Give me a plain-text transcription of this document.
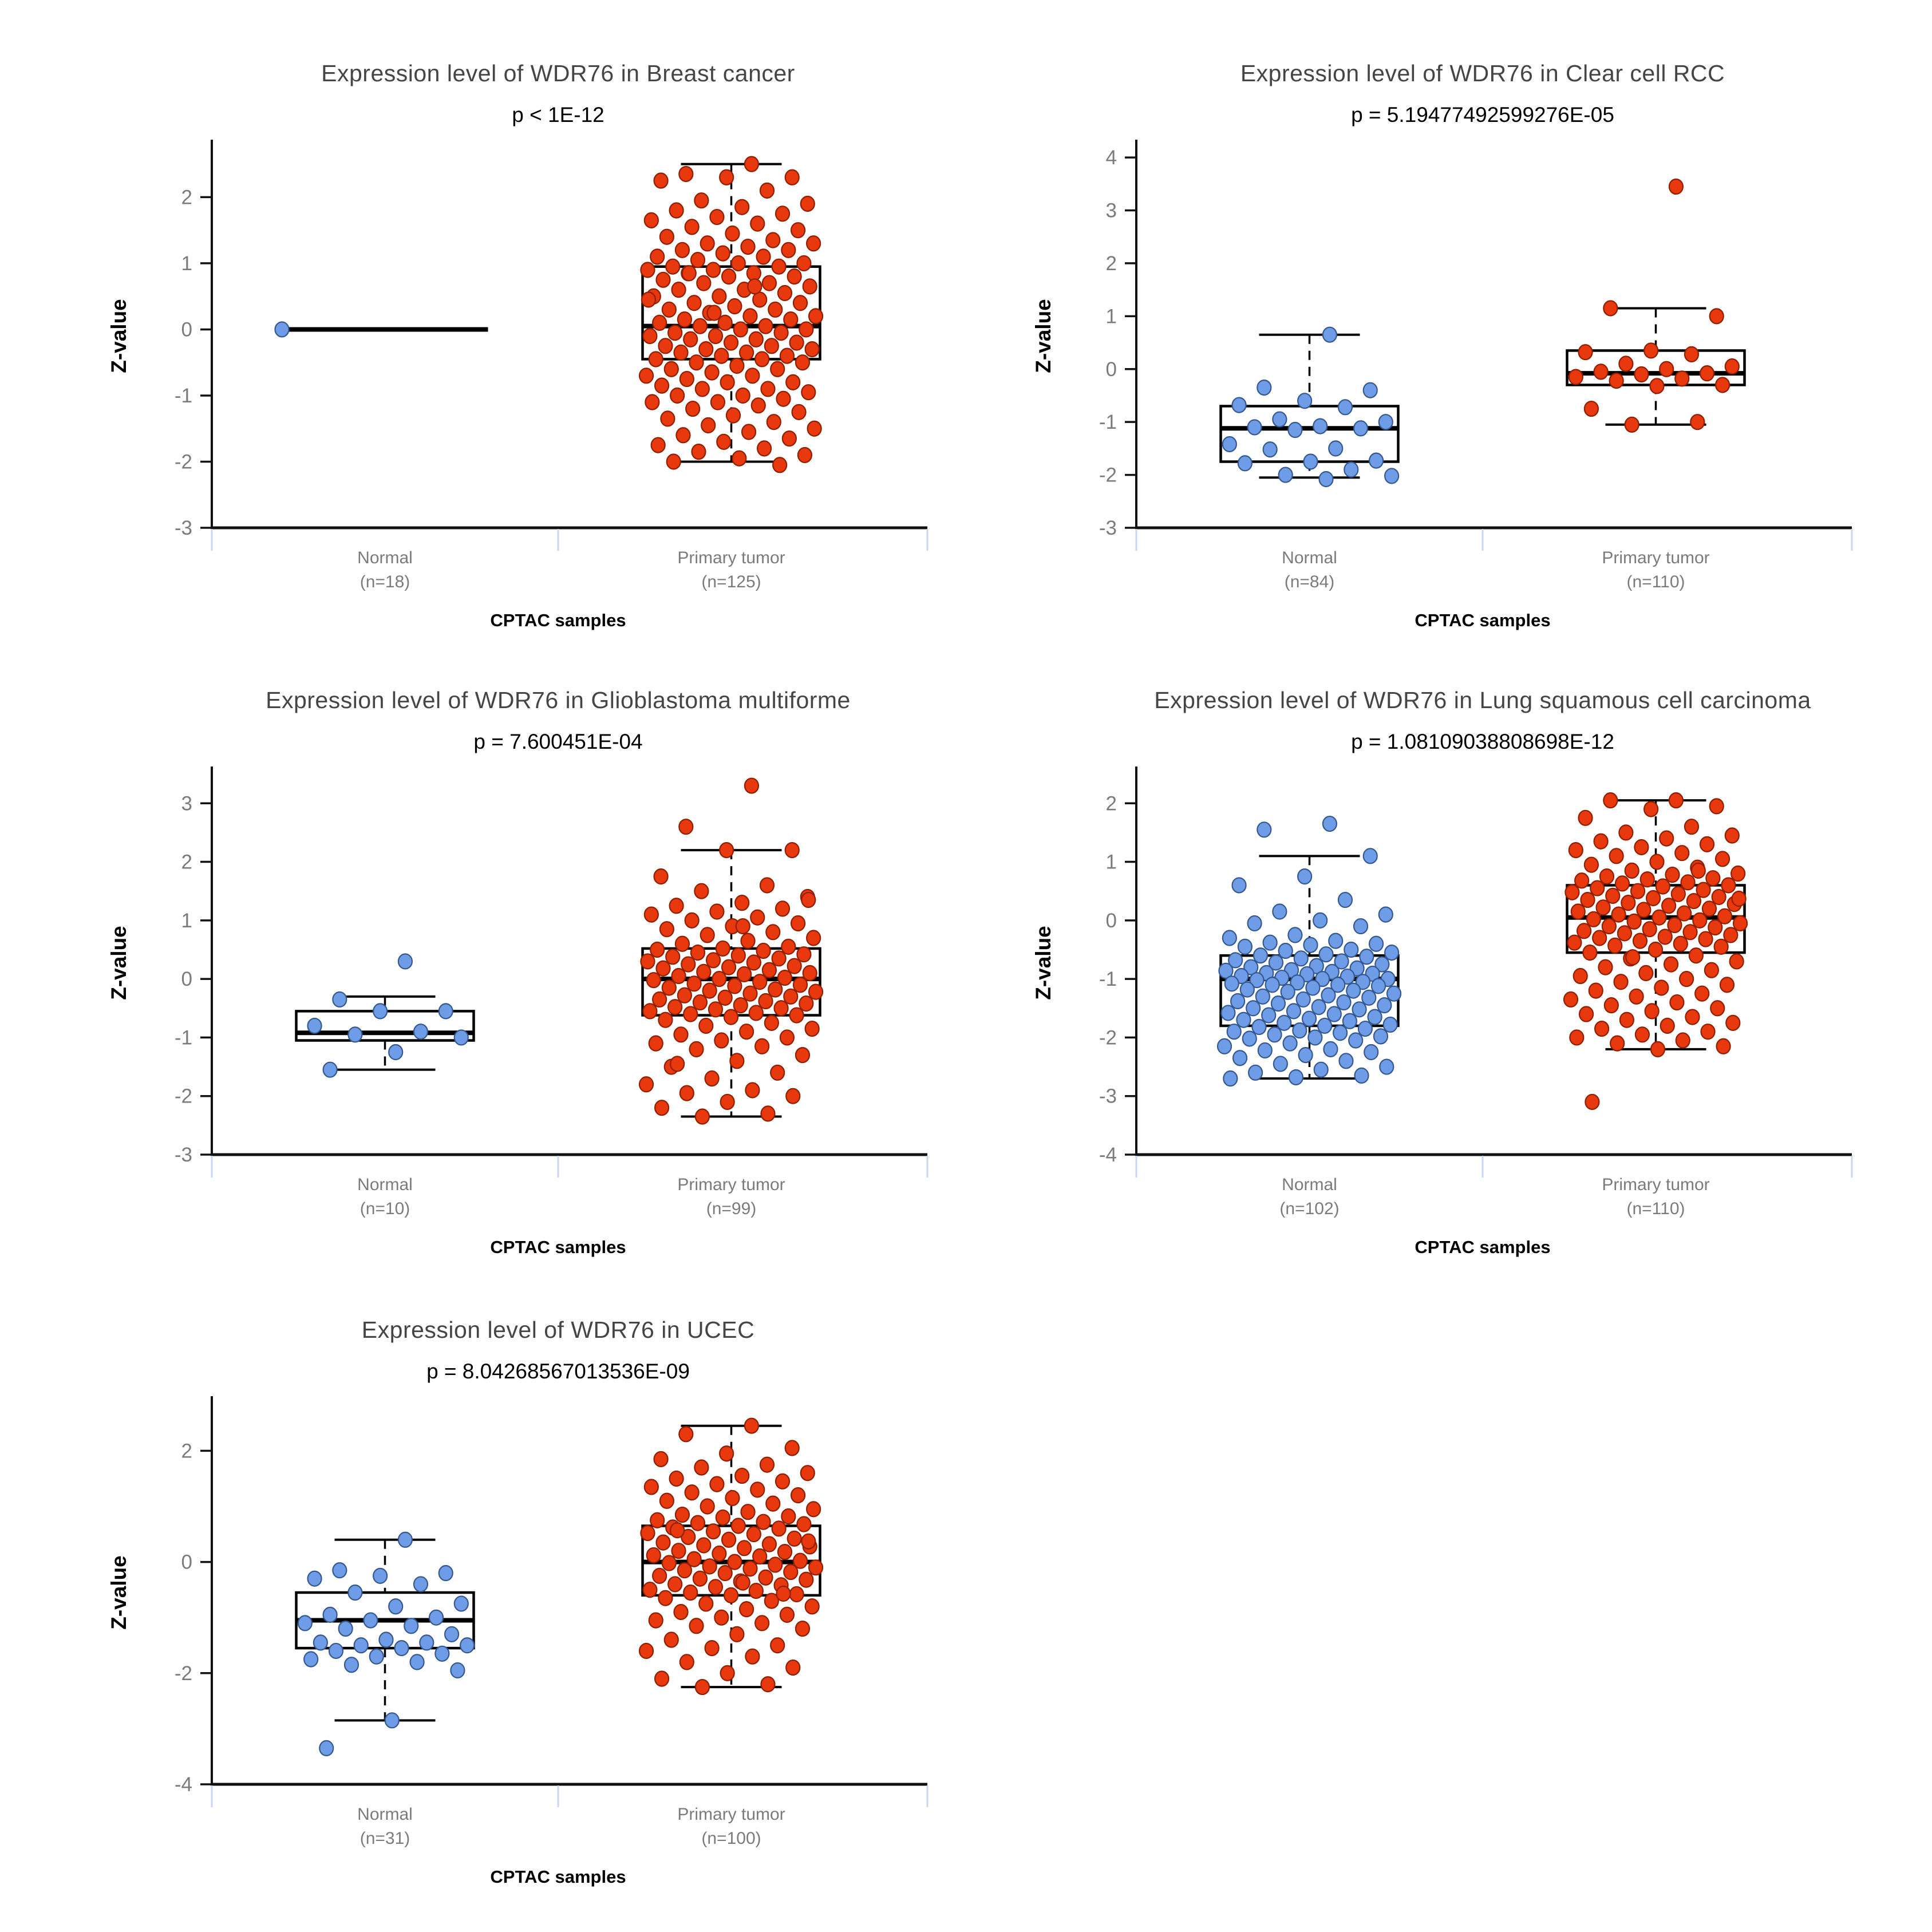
Expression level of WDR76 in Breast cancer
p < 1E-12
2
1
0
-1
-2
-3
Z-value
CPTAC samples
Normal
(n=18)
Primary tumor
(n=125)
Expression level of WDR76 in Clear cell RCC
p = 5.19477492599276E-05
4
3
2
1
0
-1
-2
-3
Z-value
CPTAC samples
Normal
(n=84)
Primary tumor
(n=110)
Expression level of WDR76 in Glioblastoma multiforme
p = 7.600451E-04
3
2
1
0
-1
-2
-3
Z-value
CPTAC samples
Normal
(n=10)
Primary tumor
(n=99)
Expression level of WDR76 in Lung squamous cell carcinoma
p = 1.08109038808698E-12
2
1
0
-1
-2
-3
-4
Z-value
CPTAC samples
Normal
(n=102)
Primary tumor
(n=110)
Expression level of WDR76 in UCEC
p = 8.04268567013536E-09
2
0
-2
-4
Z-value
CPTAC samples
Normal
(n=31)
Primary tumor
(n=100)
